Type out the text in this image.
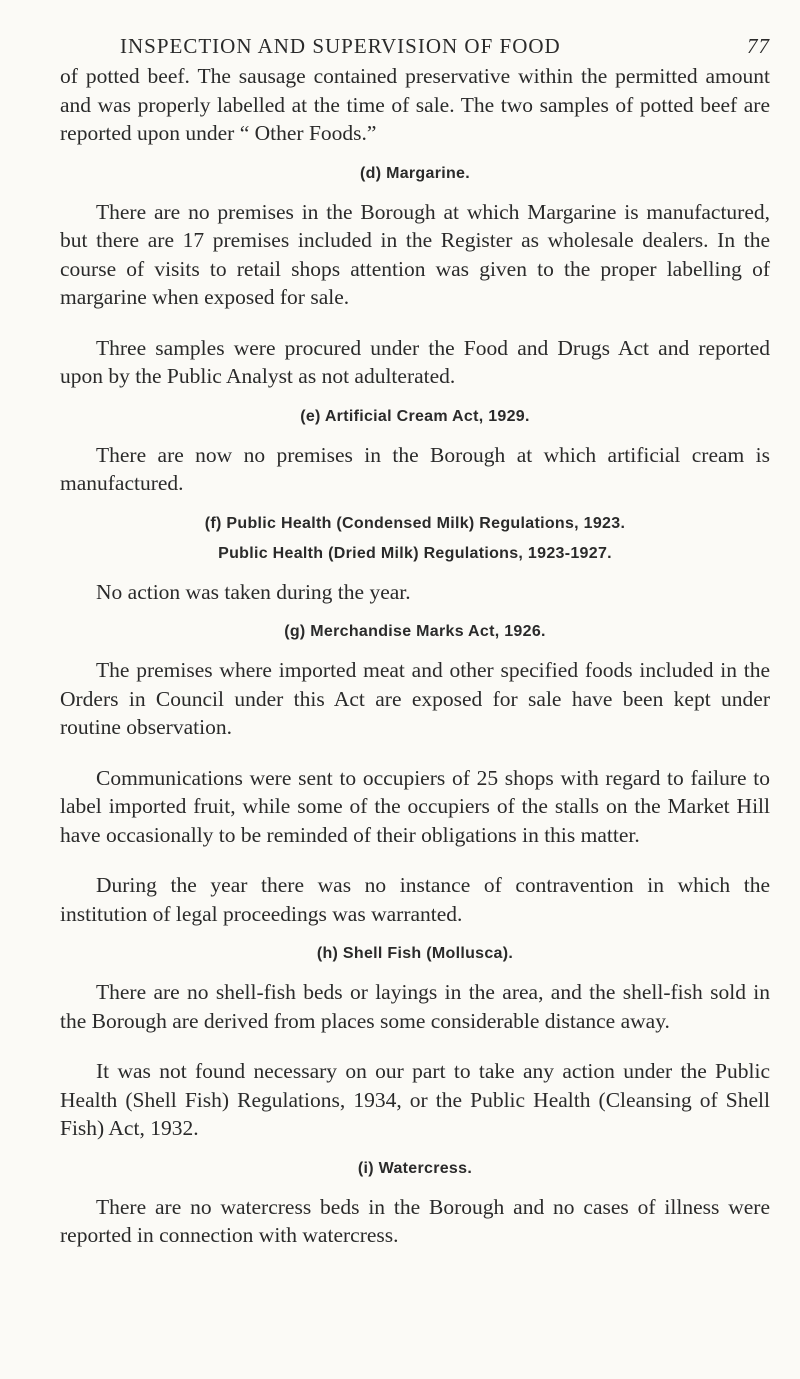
INSPECTION AND SUPERVISION OF FOOD	77

of potted beef. The sausage contained preservative within the permitted amount and was properly labelled at the time of sale. The two samples of potted beef are reported upon under “ Other Foods.”

(d) Margarine.

There are no premises in the Borough at which Margarine is manufactured, but there are 17 premises included in the Register as wholesale dealers. In the course of visits to retail shops attention was given to the proper labelling of margarine when exposed for sale.

Three samples were procured under the Food and Drugs Act and reported upon by the Public Analyst as not adulterated.

(e) Artificial Cream Act, 1929.

There are now no premises in the Borough at which artificial cream is manufactured.

(f) Public Health (Condensed Milk) Regulations, 1923.
Public Health (Dried Milk) Regulations, 1923-1927.

No action was taken during the year.

(g) Merchandise Marks Act, 1926.

The premises where imported meat and other specified foods included in the Orders in Council under this Act are exposed for sale have been kept under routine observation.

Communications were sent to occupiers of 25 shops with regard to failure to label imported fruit, while some of the occupiers of the stalls on the Market Hill have occasionally to be reminded of their obligations in this matter.

During the year there was no instance of contravention in which the institution of legal proceedings was warranted.

(h) Shell Fish (Mollusca).

There are no shell-fish beds or layings in the area, and the shell-fish sold in the Borough are derived from places some considerable distance away.

It was not found necessary on our part to take any action under the Public Health (Shell Fish) Regulations, 1934, or the Public Health (Cleansing of Shell Fish) Act, 1932.

(i) Watercress.

There are no watercress beds in the Borough and no cases of illness were reported in connection with watercress.
